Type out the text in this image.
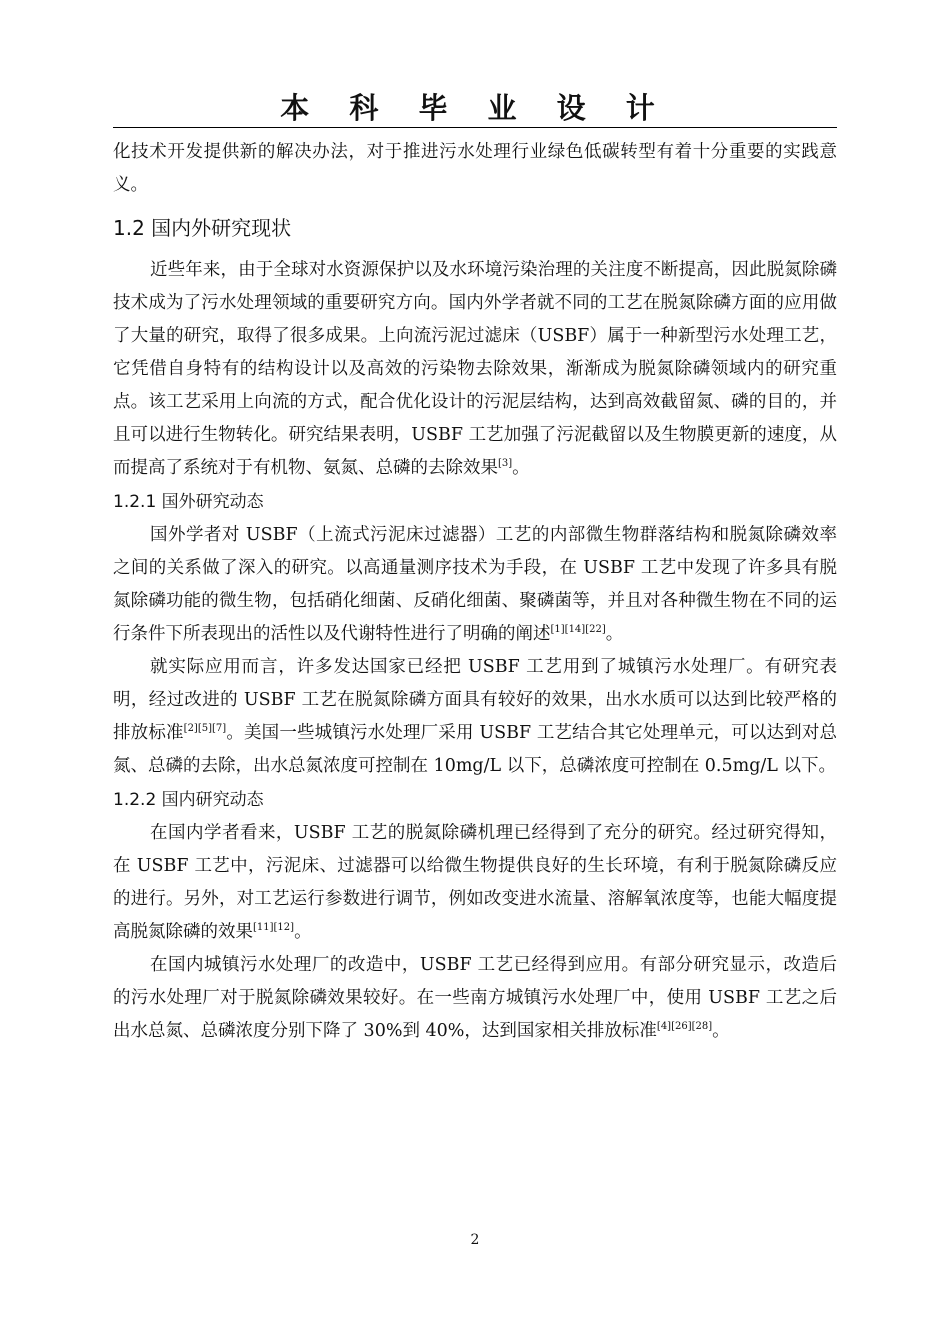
本 科 毕 业 设 计

化技术开发提供新的解决办法，对于推进污水处理行业绿色低碳转型有着十分重要的实践意义。

1.2 国内外研究现状

近些年来，由于全球对水资源保护以及水环境污染治理的关注度不断提高，因此脱氮除磷技术成为了污水处理领域的重要研究方向。国内外学者就不同的工艺在脱氮除磷方面的应用做了大量的研究，取得了很多成果。上向流污泥过滤床（USBF）属于一种新型污水处理工艺，它凭借自身特有的结构设计以及高效的污染物去除效果，渐渐成为脱氮除磷领域内的研究重点。该工艺采用上向流的方式，配合优化设计的污泥层结构，达到高效截留氮、磷的目的，并且可以进行生物转化。研究结果表明，USBF 工艺加强了污泥截留以及生物膜更新的速度，从而提高了系统对于有机物、氨氮、总磷的去除效果[3]。

1.2.1 国外研究动态

国外学者对 USBF（上流式污泥床过滤器）工艺的内部微生物群落结构和脱氮除磷效率之间的关系做了深入的研究。以高通量测序技术为手段，在 USBF 工艺中发现了许多具有脱氮除磷功能的微生物，包括硝化细菌、反硝化细菌、聚磷菌等，并且对各种微生物在不同的运行条件下所表现出的活性以及代谢特性进行了明确的阐述[1][14][22]。

就实际应用而言，许多发达国家已经把 USBF 工艺用到了城镇污水处理厂。有研究表明，经过改进的 USBF 工艺在脱氮除磷方面具有较好的效果，出水水质可以达到比较严格的排放标准[2][5][7]。美国一些城镇污水处理厂采用 USBF 工艺结合其它处理单元，可以达到对总氮、总磷的去除，出水总氮浓度可控制在 10mg/L 以下，总磷浓度可控制在 0.5mg/L 以下。

1.2.2 国内研究动态

在国内学者看来，USBF 工艺的脱氮除磷机理已经得到了充分的研究。经过研究得知，在 USBF 工艺中，污泥床、过滤器可以给微生物提供良好的生长环境，有利于脱氮除磷反应的进行。另外，对工艺运行参数进行调节，例如改变进水流量、溶解氧浓度等，也能大幅度提高脱氮除磷的效果[11][12]。

在国内城镇污水处理厂的改造中，USBF 工艺已经得到应用。有部分研究显示，改造后的污水处理厂对于脱氮除磷效果较好。在一些南方城镇污水处理厂中，使用 USBF 工艺之后出水总氮、总磷浓度分别下降了 30%到 40%，达到国家相关排放标准[4][26][28]。

2
